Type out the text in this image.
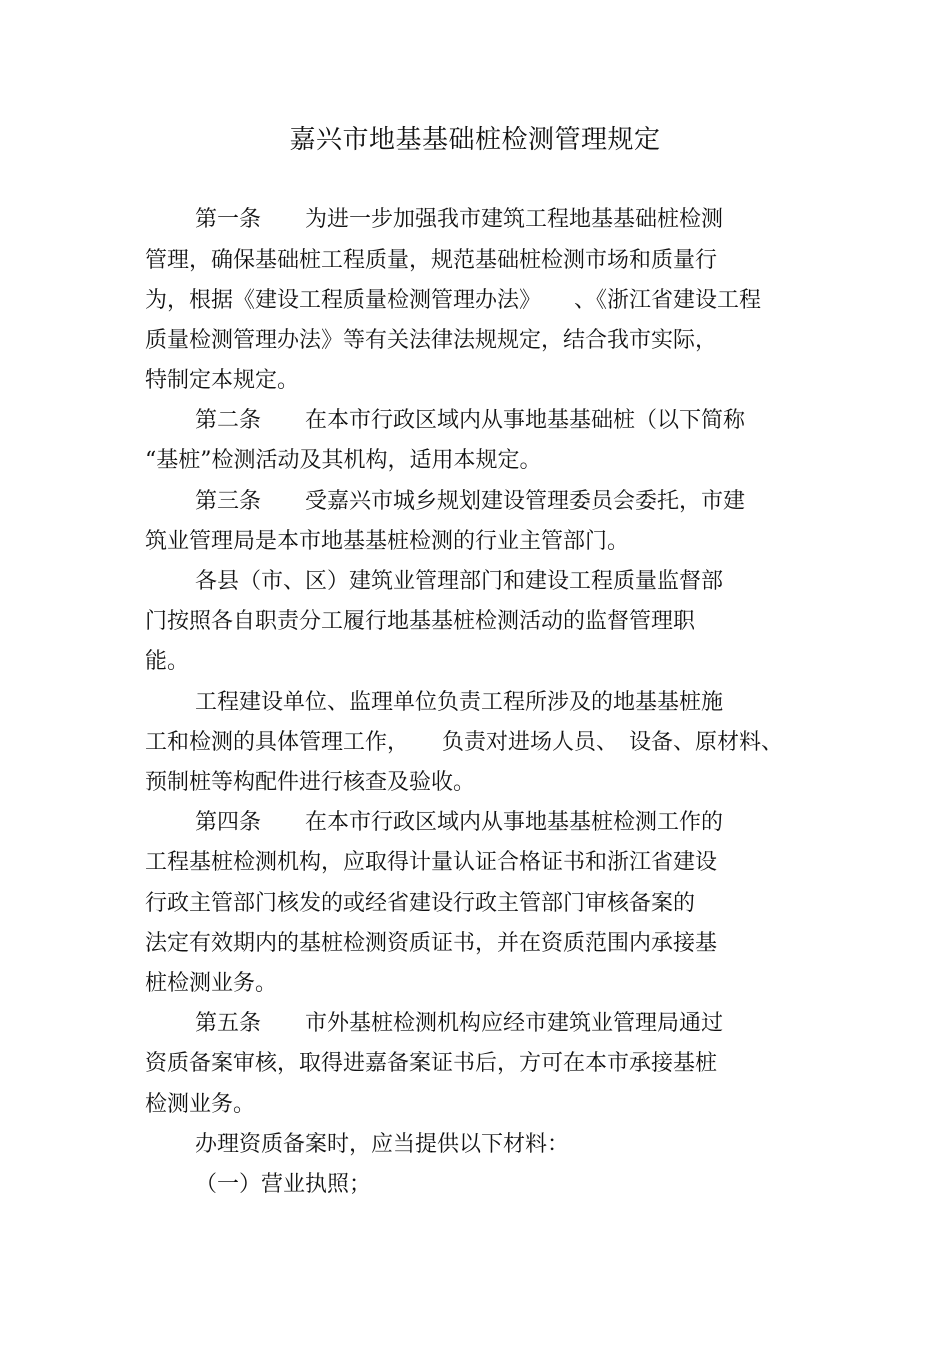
嘉兴市地基基础桩检测管理规定
第一条　　为进一步加强我市建筑工程地基基础桩检测
管理，确保基础桩工程质量，规范基础桩检测市场和质量行
为，根据《建设工程质量检测管理办法》　　、《浙江省建设工程
质量检测管理办法》等有关法律法规规定，结合我市实际，
特制定本规定。
第二条　　在本市行政区域内从事地基基础桩（以下简称
“基桩”检测活动及其机构，适用本规定。
第三条　　受嘉兴市城乡规划建设管理委员会委托，市建
筑业管理局是本市地基基桩检测的行业主管部门。
各县（市、区）建筑业管理部门和建设工程质量监督部
门按照各自职责分工履行地基基桩检测活动的监督管理职
能。
工程建设单位、监理单位负责工程所涉及的地基基桩施
工和检测的具体管理工作，　　负责对进场人员、　设备、原材料、
预制桩等构配件进行核查及验收。
第四条　　在本市行政区域内从事地基基桩检测工作的
工程基桩检测机构，应取得计量认证合格证书和浙江省建设
行政主管部门核发的或经省建设行政主管部门审核备案的
法定有效期内的基桩检测资质证书，并在资质范围内承接基
桩检测业务。
第五条　　市外基桩检测机构应经市建筑业管理局通过
资质备案审核，取得进嘉备案证书后，方可在本市承接基桩
检测业务。
办理资质备案时，应当提供以下材料：
（一）营业执照；
